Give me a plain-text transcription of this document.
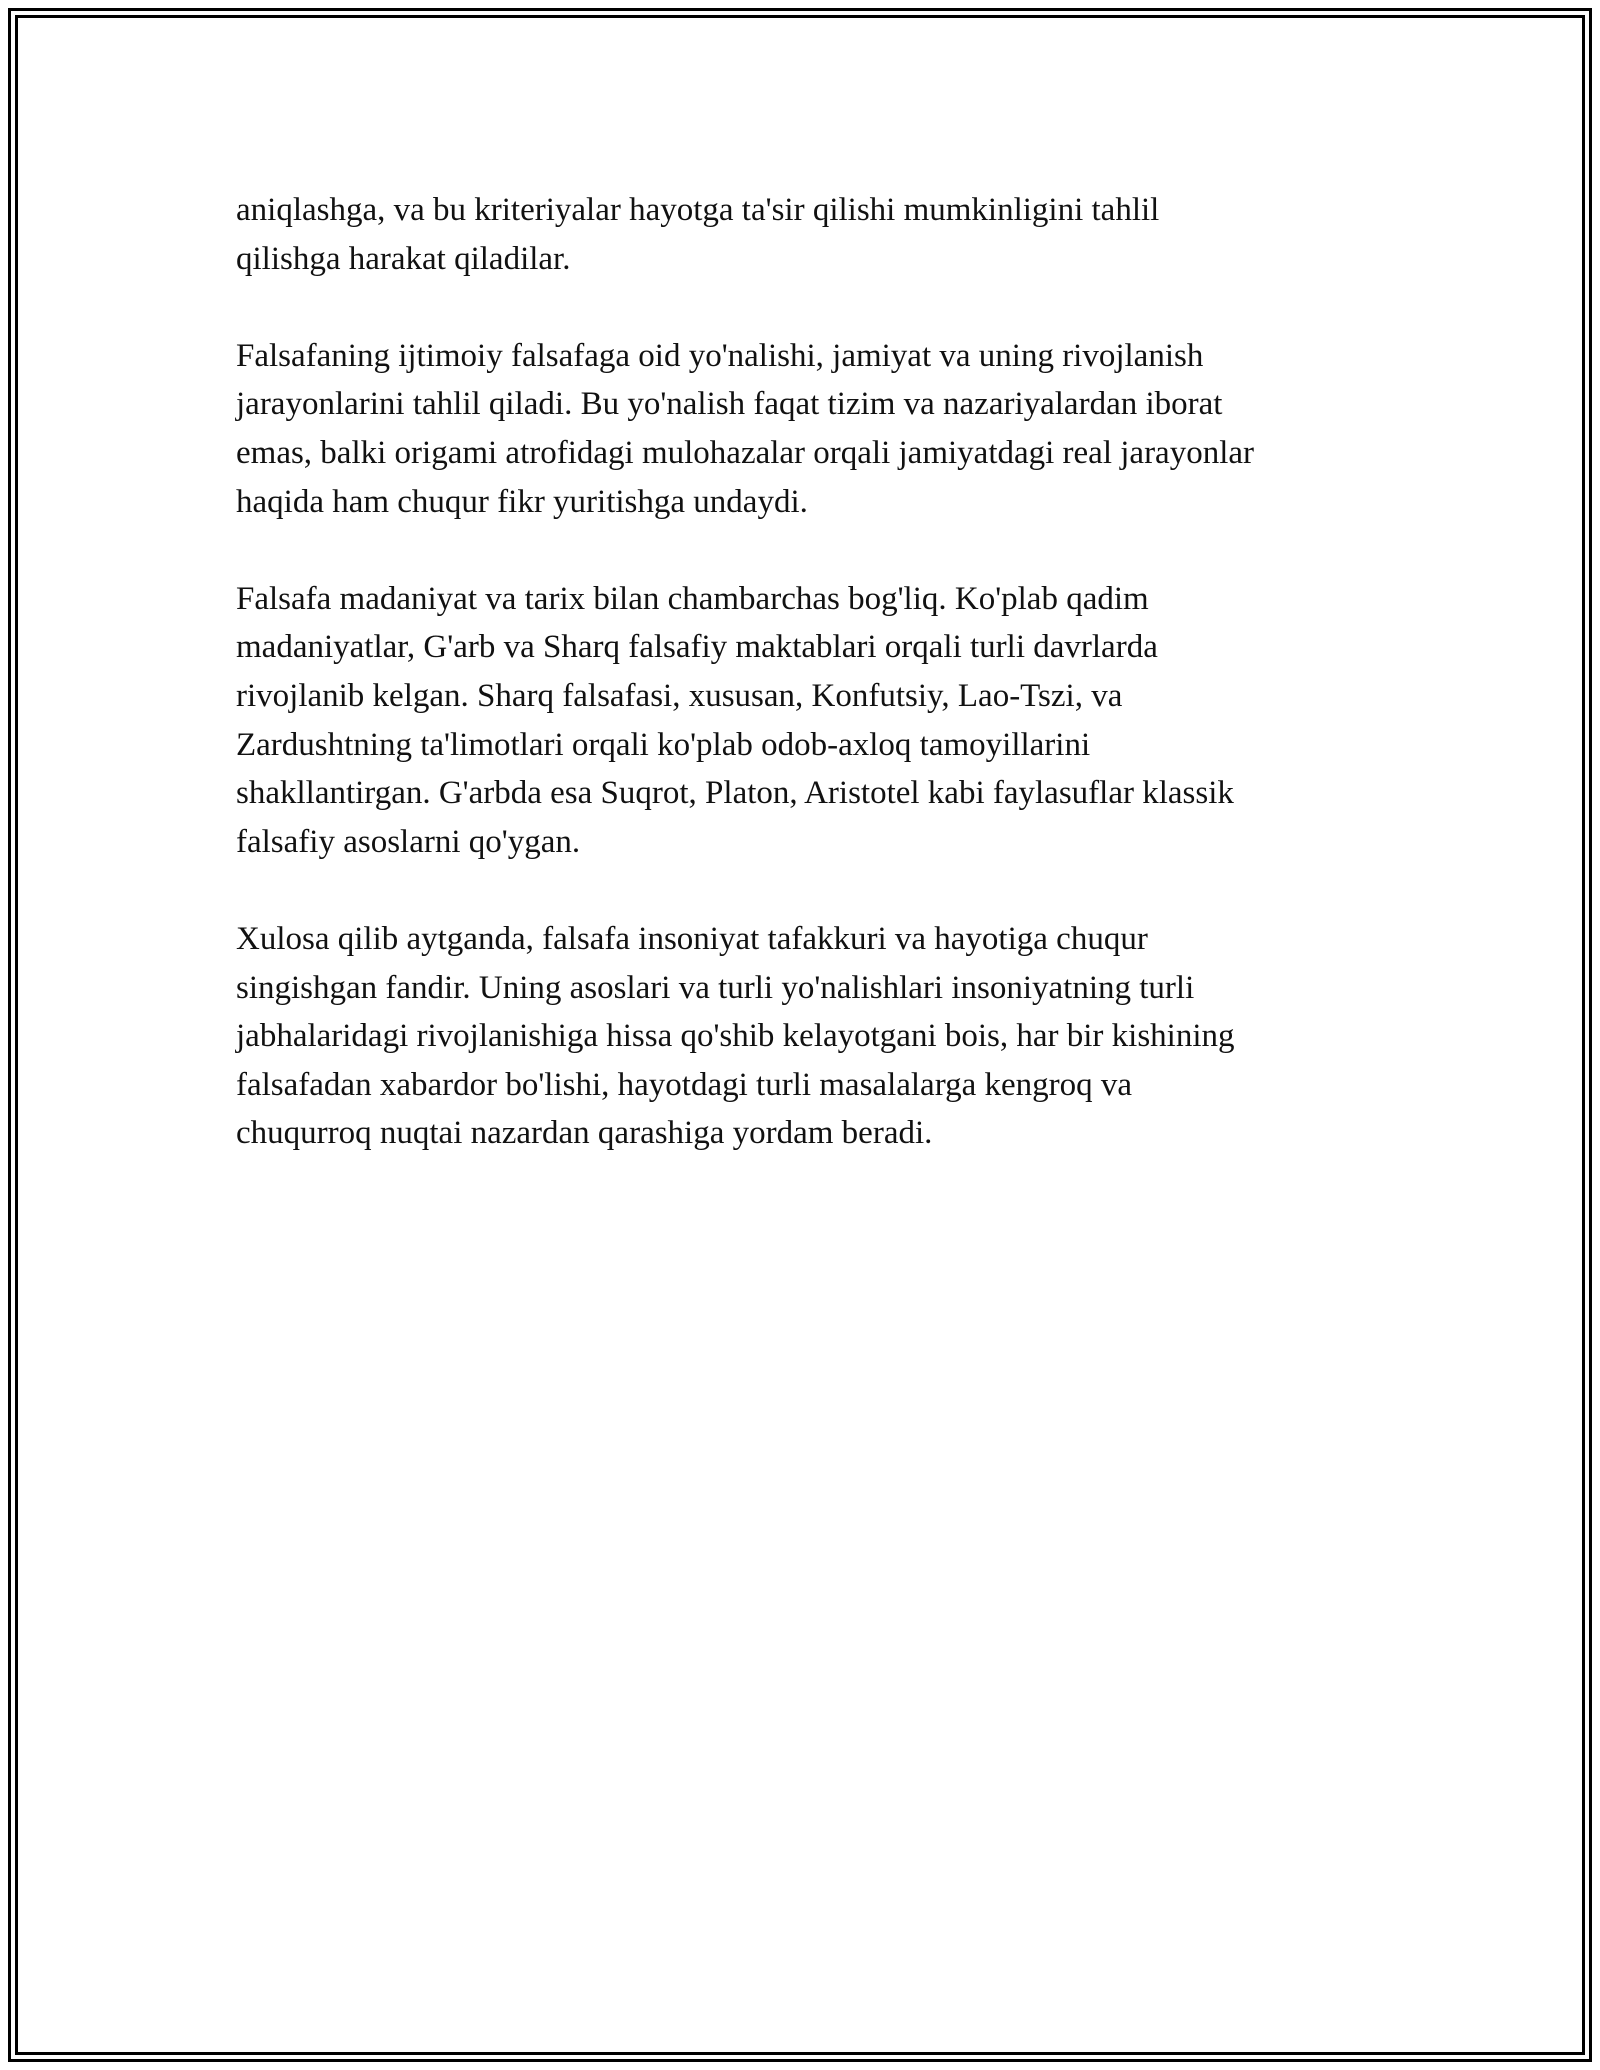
aniqlashga, va bu kriteriyalar hayotga ta'sir qilishi mumkinligini tahlil
qilishga harakat qiladilar.

Falsafaning ijtimoiy falsafaga oid yo'nalishi, jamiyat va uning rivojlanish
jarayonlarini tahlil qiladi. Bu yo'nalish faqat tizim va nazariyalardan iborat
emas, balki origami atrofidagi mulohazalar orqali jamiyatdagi real jarayonlar
haqida ham chuqur fikr yuritishga undaydi.

Falsafa madaniyat va tarix bilan chambarchas bog'liq. Ko'plab qadim
madaniyatlar, G'arb va Sharq falsafiy maktablari orqali turli davrlarda
rivojlanib kelgan. Sharq falsafasi, xususan, Konfutsiy, Lao-Tszi, va
Zardushtning ta'limotlari orqali ko'plab odob-axloq tamoyillarini
shakllantirgan. G'arbda esa Suqrot, Platon, Aristotel kabi faylasuflar klassik
falsafiy asoslarni qo'ygan.

Xulosa qilib aytganda, falsafa insoniyat tafakkuri va hayotiga chuqur
singishgan fandir. Uning asoslari va turli yo'nalishlari insoniyatning turli
jabhalaridagi rivojlanishiga hissa qo'shib kelayotgani bois, har bir kishining
falsafadan xabardor bo'lishi, hayotdagi turli masalalarga kengroq va
chuqurroq nuqtai nazardan qarashiga yordam beradi.
